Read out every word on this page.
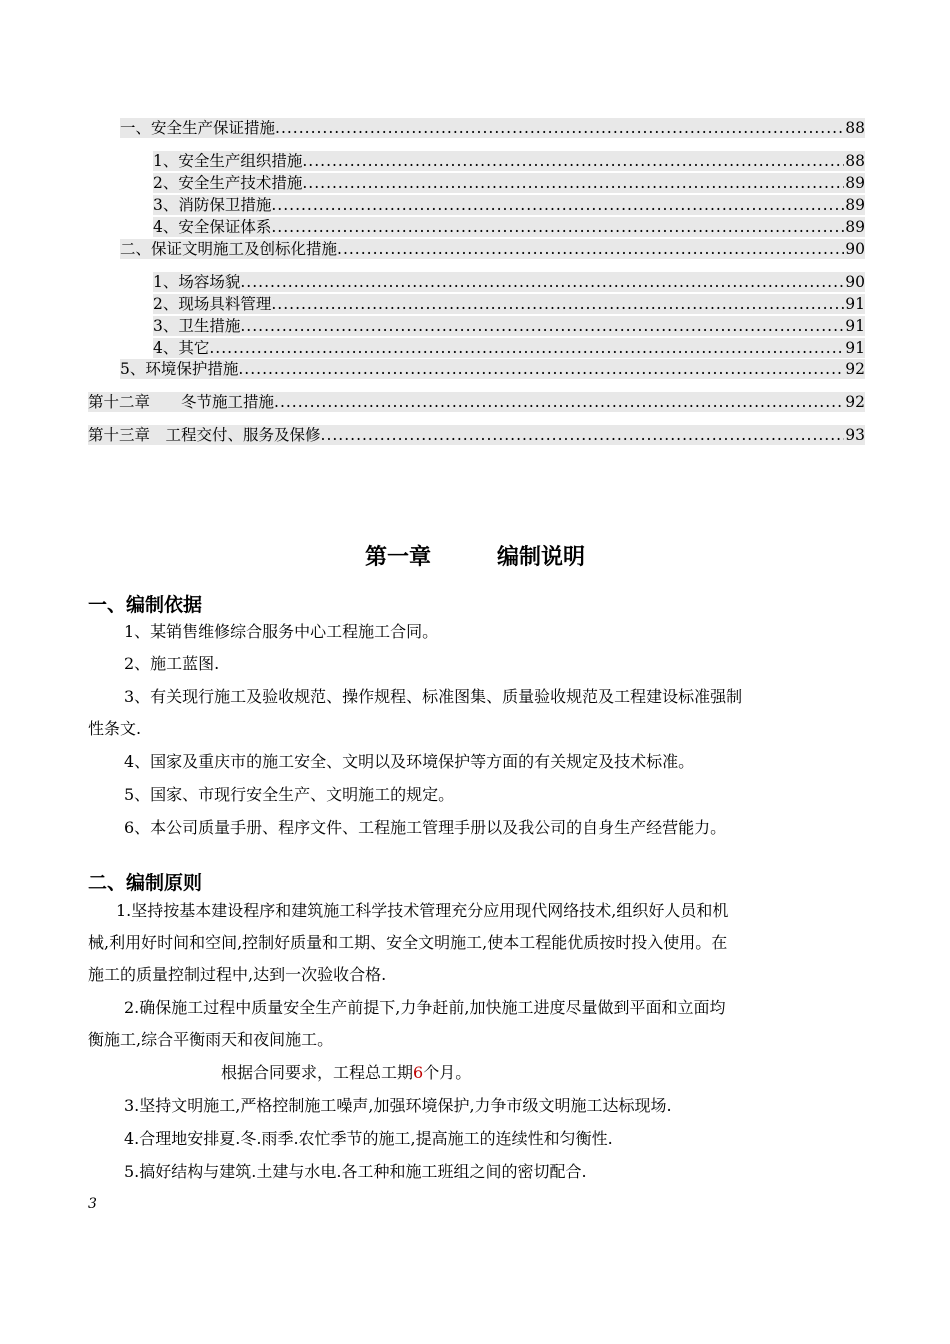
一、安全生产保证措施 .....	88
1、安全生产组织措施 .....	88
2、安全生产技术措施 .....	89
3、消防保卫措施 .....	89
4、安全保证体系 .....	89
二、保证文明施工及创标化措施 .....	90
1、场容场貌 .....	90
2、现场具料管理 .....	91
3、卫生措施 .....	91
4、其它 .....	91
5、环境保护措施 .....	92
第十二章　　冬节施工措施 .....	92
第十三章　工程交付、服务及保修 .....	93
第一章	编制说明
一、编制依据
1、某销售维修综合服务中心工程施工合同。
2、施工蓝图.
3、有关现行施工及验收规范、操作规程、标准图集、质量验收规范及工程建设标准强制
性条文.
4、国家及重庆市的施工安全、文明以及环境保护等方面的有关规定及技术标准。
5、国家、市现行安全生产、文明施工的规定。
6、本公司质量手册、程序文件、工程施工管理手册以及我公司的自身生产经营能力。
二、编制原则
1.坚持按基本建设程序和建筑施工科学技术管理充分应用现代网络技术,组织好人员和机
械,利用好时间和空间,控制好质量和工期、安全文明施工,使本工程能优质按时投入使用。在
施工的质量控制过程中,达到一次验收合格.
2.确保施工过程中质量安全生产前提下,力争赶前,加快施工进度尽量做到平面和立面均
衡施工,综合平衡雨天和夜间施工。
根据合同要求，工程总工期6个月。
3.坚持文明施工,严格控制施工噪声,加强环境保护,力争市级文明施工达标现场.
4.合理地安排夏.冬.雨季.农忙季节的施工,提高施工的连续性和匀衡性.
5.搞好结构与建筑.土建与水电.各工种和施工班组之间的密切配合.
3
